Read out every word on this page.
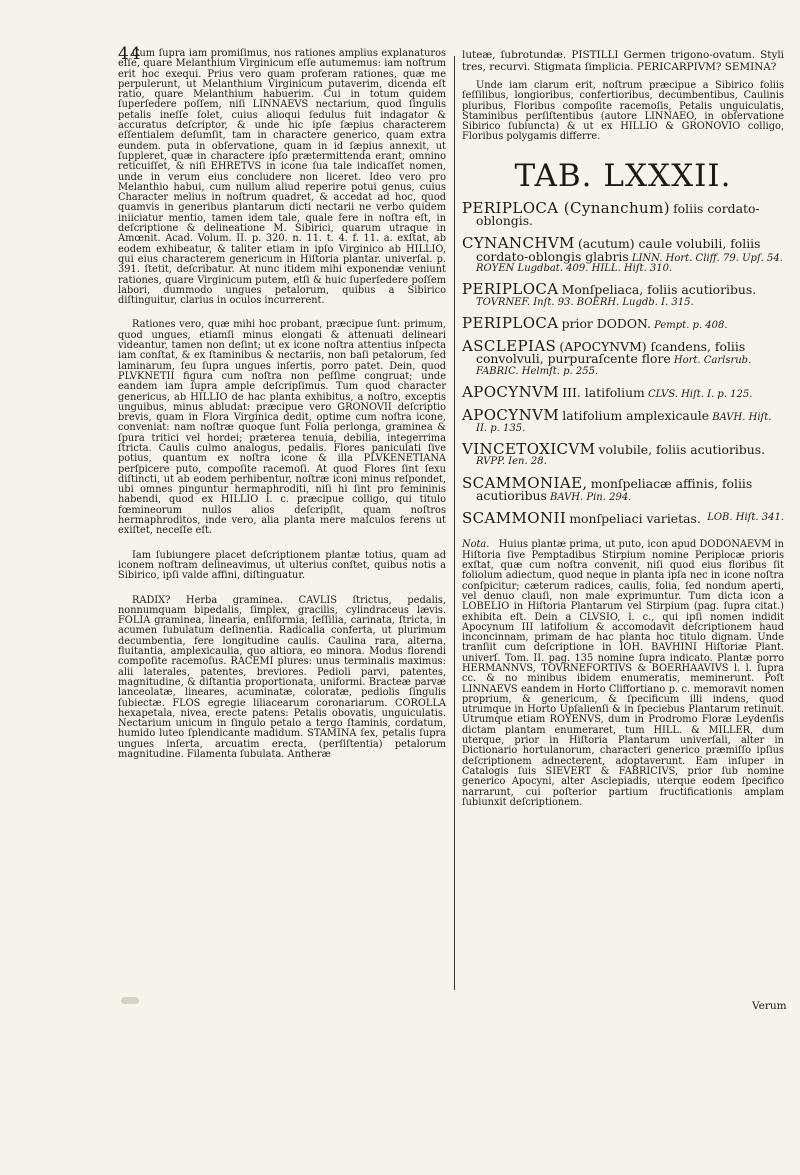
44

Cum ſupra iam promiſimus, nos rationes amplius explanaturos eſſe, quare Melanthium Virginicum eſſe autumemus: iam noſtrum erit hoc exequi. Prius vero quam proferam rationes, quæ me perpulerunt, ut Melanthium Virginicum putaverim, dicenda eſt ratio, quare Melanthium habuerim. Cui in totum quidem ſuperſedere poſſem, niſi LINNAEVS nectarium, quod ſingulis petalis ineſſe ſolet, cuius alioqui ſedulus fuit indagator & accuratus deſcriptor, & unde hic ipſe ſæpius characterem eſſentialem deſumſit, tam in charactere generico, quam extra eundem. puta in obſervatione, quam in id ſæpius annexit, ut ſuppleret, quæ in charactere ipſo prætermittenda erant, omnino reticuiſſet, & niſi EHRETVS in icone ſua tale indicaſſet nomen, unde in verum eius concludere non liceret. Ideo vero pro Melanthio habui, cum nullum aliud reperire potui genus, cuius Character melius in noſtrum quadret, & accedat ad hoc, quod quamvis in generibus plantarum dicti nectarii ne verbo quidem iniiciatur mentio, tamen idem tale, quale fere in noſtra eſt, in deſcriptione & delineatione M. Sibirici, quarum utraque in Amœnit. Acad. Volum. II. p. 320. n. 11. t. 4. f. 11. a. exſtat, ab eodem exhibeatur, & taliter etiam in ipſo Virginico ab HILLIO, qui eius characterem genericum in Hiſtoria plantar. univerſal. p. 391. ſtetit, deſcribatur. At nunc itidem mihi exponendæ veniunt rationes, quare Virginicum putem, etſi & huic ſuperſedere poſſem labori, dummodo ungues petalorum, quibus a Sibirico diſtinguitur, clarius in oculos incurrerent.

Rationes vero, quæ mihi hoc probant, præcipue ſunt: primum, quod ungues, etiamſi minus elongati & attenuati delineari videantur, tamen non deſint; ut ex icone noſtra attentius inſpecta iam conſtat, & ex ſtaminibus & nectariis, non baſi petalorum, ſed laminarum, ſeu ſupra ungues inſertis, porro patet. Dein, quod PLVKNETII figura cum noſtra non peſſime congruat; unde eandem iam ſupra ample deſcripſimus. Tum quod character genericus, ab HILLIO de hac planta exhibitus, a noſtro, exceptis unguibus, minus abludat: præcipue vero GRONOVII deſcriptio brevis, quam in Flora Virginica dedit, optime cum noſtra icone, conveniat: nam noſtræ quoque ſunt Folia perlonga, graminea & ſpura tritici vel hordei; præterea tenuia, debilia, integerrima ſtricta. Caulis culmo analogus, pedalis. Flores paniculati ſive potius, quantum ex noſtra icone & illa PLVKENETIANA perſpicere puto, compoſite racemoſi. At quod Flores ſint ſexu diſtincti, ut ab eodem perhibentur, noſtræ iconi minus reſpondet, ubi omnes pinguntur hermaphroditi, niſi hi ſint pro femininis habendi, quod ex HILLIO l. c. præcipue colligo, qui titulo fœmineorum nullos alios deſcripſit, quam noſtros hermaphroditos, inde vero, alia planta mere maſculos ferens ut exiſtet, neceſſe eſt.

Iam ſubiungere placet deſcriptionem plantæ totius, quam ad iconem noſtram delineavimus, ut ulterius conſtet, quibus notis a Sibirico, ipſi valde affini, diſtinguatur.

RADIX? Herba graminea. CAVLIS ſtrictus, pedalis, nonnumquam bipedalis, ſimplex, gracilis, cylindraceus lævis. FOLIA graminea, linearia, enſiformia, ſeſſilia, carinata, ſtricta, in acumen ſubulatum deſinentia. Radicalia conferta, ut plurimum decumbentia, fere longitudine caulis. Caulina rara, alterna, fluitantia, amplexicaulia, quo altiora, eo minora. Modus florendi compoſite racemoſus. RACEMI plures: unus terminalis maximus: alii laterales, patentes, breviores. Pedioli parvi, patentes, magnitudine, & diſtantia proportionata, uniformi. Bracteæ parvæ lanceolatæ, lineares, acuminatæ, coloratæ, pediolis ſingulis ſubiectæ. FLOS egregie liliacearum coronariarum. COROLLA hexapetala, nivea, erecte patens: Petalis obovatis, unguiculatis. Nectarium unicum in ſingulo petalo a tergo ſtaminis, cordatum, humido luteo ſplendicante madidum. STAMINA ſex, petalis ſupra ungues inſerta, arcuatim erecta, (perſiſtentia) petalorum magnitudine. Filamenta ſubulata. Antheræ

luteæ, ſubrotundæ. PISTILLI Germen trigono-ovatum. Styli tres, recurvi. Stigmata ſimplicia. PERICARPIVM? SEMINA?
Unde iam clarum erit, noſtrum præcipue a Sibirico foliis ſeſſilibus, longioribus, confertioribus, decumbentibus, Caulinis pluribus, Floribus compoſite racemoſis, Petalis unguiculatis, Staminibus perſiſtentibus (autore LINNAEO, in obſervatione Sibirico ſubiuncta) & ut ex HILLIO & GRONOVIO colligo, Floribus polygamis differre.
TAB. LXXXII.

PERIPLOCA (Cynanchum) foliis cordato-oblongis.

CYNANCHVM (acutum) caule volubili, foliis cordato-oblongis glabris LINN. Hort. Cliff. 79. Upſ. 54. ROYEN Lugdbat. 409. HILL. Hiſt. 310.

PERIPLOCA Monſpeliaca, foliis acutioribus. TOVRNEF. Inſt. 93. BOERH. Lugdb. I. 315.

PERIPLOCA prior DODON. Pempt. p. 408.

ASCLEPIAS (APOCYNVM) ſcandens, foliis convolvuli, purpuraſcente flore Hort. Carlsrub. FABRIC. Helmſt. p. 255.

APOCYNVM III. latifolium CLVS. Hiſt. I. p. 125.

APOCYNVM latifolium amplexicaule BAVH. Hiſt. II. p. 135.

VINCETOXICVM volubile, foliis acutioribus. RVPP. Ien. 28.

SCAMMONIAE, monſpeliacæ affinis, foliis acutioribus BAVH. Pin. 294.

LOB. Hiſt. 341.
SCAMMONII monſpeliaci varietas.

Nota. Huius plantæ prima, ut puto, icon apud DODONAEVM in Hiſtoria ſive Pemptadibus Stirpium nomine Periplocæ prioris exſtat, quæ cum noſtra convenit, niſi quod eius floribus ſit foliolum adiectum, quod neque in planta ipſa nec in icone noſtra conſpicitur; cæterum radices, caulis, folia, ſed nondum aperti, vel denuo clauſi, non male exprimuntur. Tum dicta icon a LOBELIO in Hiſtoria Plantarum vel Stirpium (pag. ſupra citat.) exhibita eſt. Dein a CLVSIO, l. c., qui ipſi nomen indidit Apocynum III latifolium & accomodavit deſcriptionem haud inconcinnam, primam de hac planta hoc titulo dignam. Unde tranſiit cum deſcriptione in IOH. BAVHINI Hiſtoriæ Plant. univerſ. Tom. II. pag. 135 nomine ſupra indicato. Plantæ porro HERMANNVS, TOVRNEFORTIVS & BOERHAAVIVS l. l. ſupra cc. & no minibus ibidem enumeratis, meminerunt. Poſt LINNAEVS eandem in Horto Cliffortiano p. c. memoravit nomen proprium, & genericum, & ſpecificum illi indens, quod utrumque in Horto Upſalienſi & in ſpeciebus Plantarum retinuit. Utrumque etiam ROYENVS, dum in Prodromo Floræ Leydenſis dictam plantam enumeraret, tum HILL. & MILLER, dum uterque, prior in Hiſtoria Plantarum univerſali, alter in Dictionario hortulanorum, characteri generico præmiſſo ipſius deſcriptionem adnecterent, adoptaverunt. Eam inſuper in Catalogis ſuis SIEVERT & FABRICIVS, prior ſub nomine generico Apocyni, alter Asclepiadis, uterque eodem ſpecifico narrarunt, cui poſterior partium fructificationis amplam ſubiunxit deſcriptionem.
Verum
